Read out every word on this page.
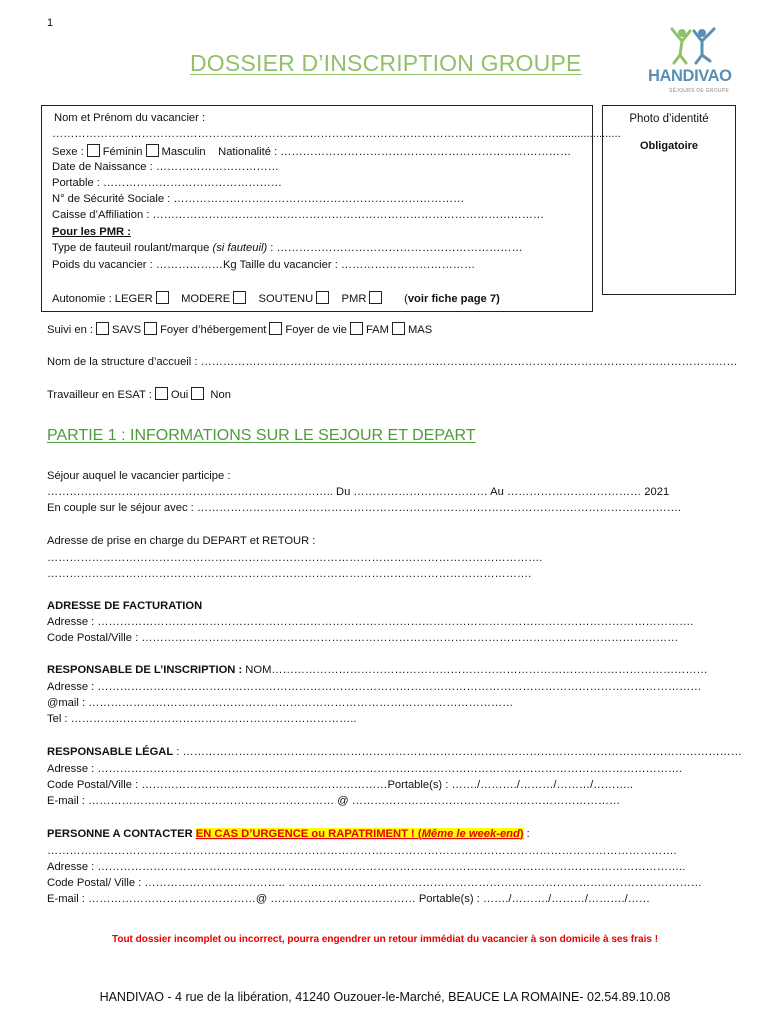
1
DOSSIER D’INSCRIPTION GROUPE	HANDIVAO
SÉJOURS DE GROUPE
Nom et Prénom du vacancier :
……………………………………………………………………………………………………………………….....................
Sexe : Féminin Masculin Nationalité : ……………………………………………………………………
Date de Naissance : ……………………………
Portable : …………………………………………
N° de Sécurité Sociale : ……………………………………………………………………
Caisse d’Affiliation : ……………………………………………………………………………………………
Pour les PMR :
Type de fauteuil roulant/marque (si fauteuil) : …………………………………………………………
Poids du vacancier : ………………Kg Taille du vacancier : ………………………………
Autonomie : LEGER	MODERE	SOUTENU	PMR	(voir fiche page 7)
Photo d’identité
Obligatoire
Suivi en : SAVS Foyer d’hébergement Foyer de vie FAM MAS
Nom de la structure d’accueil : ………………………………………………………………………………………………………………………………
Travailleur en ESAT : Oui Non
PARTIE 1 : INFORMATIONS SUR LE SEJOUR ET DEPART
Séjour auquel le vacancier participe :
………………………………………………………………….. Du ……………………………… Au ……………………………… 2021
En couple sur le séjour avec : ………………………………………………………………………………………………………………….
Adresse de prise en charge du DEPART et RETOUR :
…………………………………………………………………………………………………………………….
………………………………………………………………………………………………………………….
ADRESSE DE FACTURATION
Adresse : …………………………………………………………………………………………………………………………………………….
Code Postal/Ville : ………………………………………………………………………………………………………………………………
RESPONSABLE DE L’INSCRIPTION : NOM………………………………………………………………………………………………………
Adresse : ………………………………………………………………………………………………………………………………………………
@mail : ……………………………………………………………………………………………………
Tel : …………………………………………………………………..
RESPONSABLE LÉGAL : ……………………………………………………………………………………………………………………………………
Adresse : ………………………………………………………………………………………………………………………………………….
Code Postal/Ville : …………………………………………………………Portable(s) : ……./………./………/………/………..
E-mail : ………………………………………………………… @ ………………………………………………………………
PERSONNE A CONTACTER EN CAS D’URGENCE ou RAPATRIMENT ! (Même le week-end) :
…………………………………………………………………………………………………………………………………………………….
Adresse : …………………………………………………………………………………………………………………………………………..
Code Postal/ Ville : ……………………………….. …………………………………………………………………………………………………
E-mail : ………………………………………@ ………………………………… Portable(s) : ……./………./………/………./……
Tout dossier incomplet ou incorrect, pourra engendrer un retour immédiat du vacancier à son domicile à ses frais !
HANDIVAO - 4 rue de la libération, 41240 Ouzouer-le-Marché, BEAUCE LA ROMAINE- 02.54.89.10.08
